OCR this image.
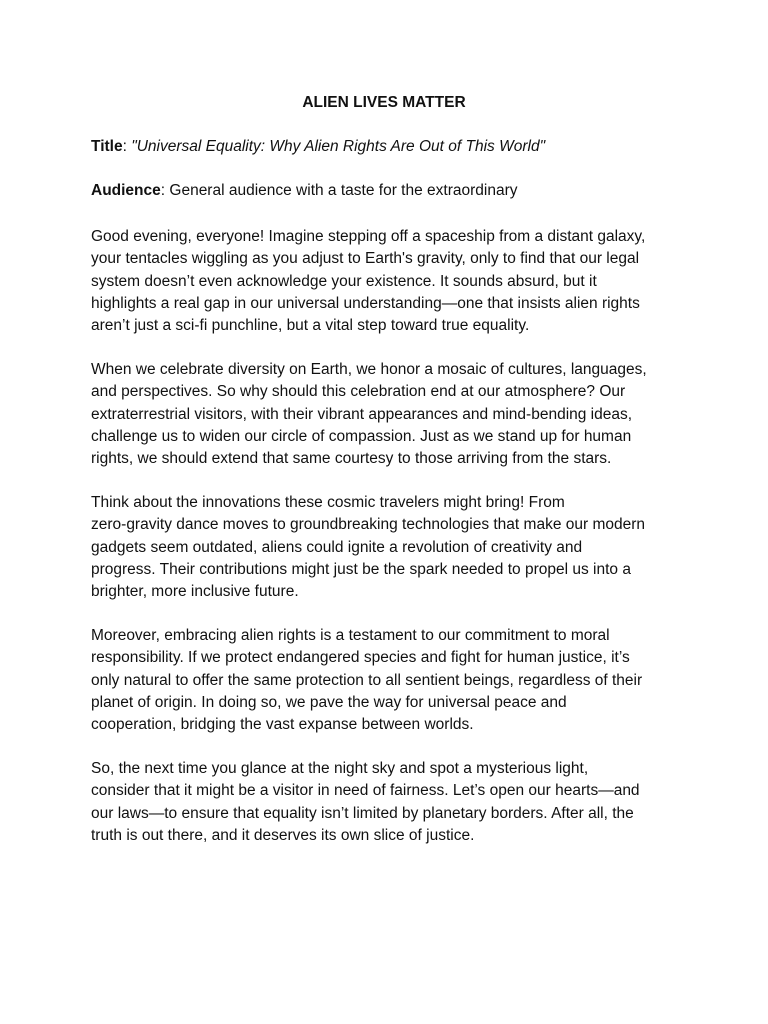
ALIEN LIVES MATTER
Title: "Universal Equality: Why Alien Rights Are Out of This World"
Audience: General audience with a taste for the extraordinary

Good evening, everyone! Imagine stepping off a spaceship from a distant galaxy,
your tentacles wiggling as you adjust to Earth's gravity, only to find that our legal
system doesn’t even acknowledge your existence. It sounds absurd, but it
highlights a real gap in our universal understanding—one that insists alien rights
aren’t just a sci-fi punchline, but a vital step toward true equality.

When we celebrate diversity on Earth, we honor a mosaic of cultures, languages,
and perspectives. So why should this celebration end at our atmosphere? Our
extraterrestrial visitors, with their vibrant appearances and mind-bending ideas,
challenge us to widen our circle of compassion. Just as we stand up for human
rights, we should extend that same courtesy to those arriving from the stars.

Think about the innovations these cosmic travelers might bring! From
zero-gravity dance moves to groundbreaking technologies that make our modern
gadgets seem outdated, aliens could ignite a revolution of creativity and
progress. Their contributions might just be the spark needed to propel us into a
brighter, more inclusive future.

Moreover, embracing alien rights is a testament to our commitment to moral
responsibility. If we protect endangered species and fight for human justice, it’s
only natural to offer the same protection to all sentient beings, regardless of their
planet of origin. In doing so, we pave the way for universal peace and
cooperation, bridging the vast expanse between worlds.

So, the next time you glance at the night sky and spot a mysterious light,
consider that it might be a visitor in need of fairness. Let’s open our hearts—and
our laws—to ensure that equality isn’t limited by planetary borders. After all, the
truth is out there, and it deserves its own slice of justice.
